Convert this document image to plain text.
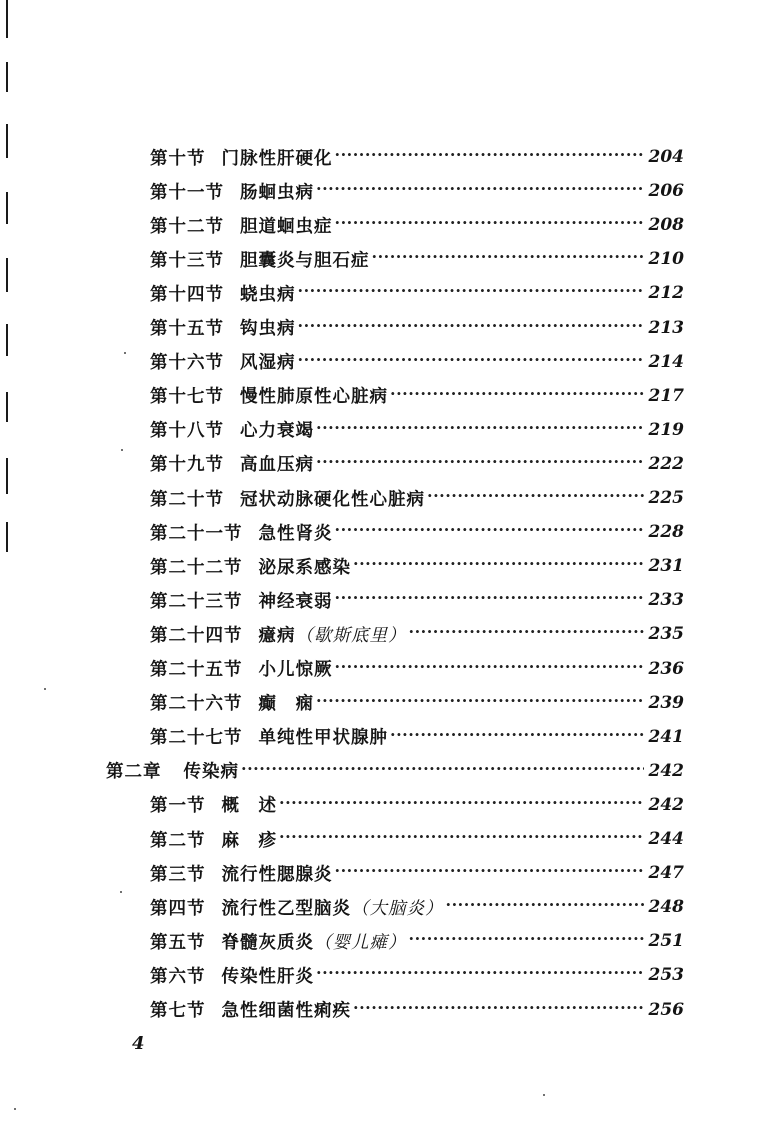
第十节 门脉性肝硬化 ·····	204
第十一节 肠蛔虫病 ·····	206
第十二节 胆道蛔虫症 ·····	208
第十三节 胆囊炎与胆石症 ·····	210
第十四节 蛲虫病 ·····	212
第十五节 钩虫病 ·····	213
第十六节 风湿病 ·····	214
第十七节 慢性肺原性心脏病 ·····	217
第十八节 心力衰竭 ·····	219
第十九节 高血压病 ·····	222
第二十节 冠状动脉硬化性心脏病 ·····	225
第二十一节 急性肾炎 ·····	228
第二十二节 泌尿系感染 ·····	231
第二十三节 神经衰弱 ·····	233
第二十四节 癔病（歇斯底里） ·····	235
第二十五节 小儿惊厥 ·····	236
第二十六节 癫　痫 ·····	239
第二十七节 单纯性甲状腺肿 ·····	241
第二章 传染病 ·····	242
第一节 概　述 ·····	242
第二节 麻　疹 ·····	244
第三节 流行性腮腺炎 ·····	247
第四节 流行性乙型脑炎（大脑炎） ·····	248
第五节 脊髓灰质炎（婴儿瘫） ·····	251
第六节 传染性肝炎 ·····	253
第七节 急性细菌性痢疾 ·····	256
4
